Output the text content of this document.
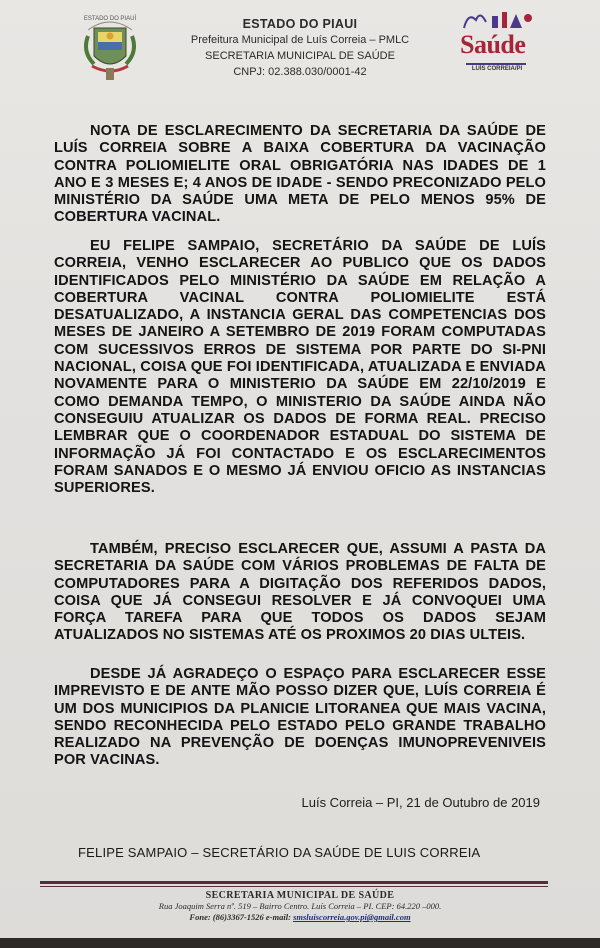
ESTADO DO PIAUÍ	ESTADO DO PIAUI
Prefeitura Municipal de Luís Correia – PMLC
SECRETARIA MUNICIPAL DE SAÚDE
CNPJ: 02.388.030/0001-42
Saúde
LUÍS CORREIA/PI
NOTA DE ESCLARECIMENTO DA SECRETARIA DA SAÚDE DE LUÍS CORREIA SOBRE A BAIXA COBERTURA DA VACINAÇÃO CONTRA POLIOMIELITE ORAL OBRIGATÓRIA NAS IDADES DE 1 ANO E 3 MESES E; 4 ANOS DE IDADE - SENDO PRECONIZADO PELO MINISTÉRIO DA SAÚDE UMA META DE PELO MENOS 95% DE COBERTURA VACINAL.
EU FELIPE SAMPAIO, SECRETÁRIO DA SAÚDE DE LUÍS CORREIA, VENHO ESCLARECER AO PUBLICO QUE OS DADOS IDENTIFICADOS PELO MINISTÉRIO DA SAÚDE EM RELAÇÃO A COBERTURA VACINAL CONTRA POLIOMIELITE ESTÁ DESATUALIZADO, A INSTANCIA GERAL DAS COMPETENCIAS DOS MESES DE JANEIRO A SETEMBRO DE 2019 FORAM COMPUTADAS COM SUCESSIVOS ERROS DE SISTEMA POR PARTE DO SI-PNI NACIONAL, COISA QUE FOI IDENTIFICADA, ATUALIZADA E ENVIADA NOVAMENTE PARA O MINISTERIO DA SAÚDE EM 22/10/2019 E COMO DEMANDA TEMPO, O MINISTERIO DA SAÚDE AINDA NÃO CONSEGUIU ATUALIZAR OS DADOS DE FORMA REAL. PRECISO LEMBRAR QUE O COORDENADOR ESTADUAL DO SISTEMA DE INFORMAÇÃO JÁ FOI CONTACTADO E OS ESCLARECIMENTOS FORAM SANADOS E O MESMO JÁ ENVIOU OFICIO AS INSTANCIAS SUPERIORES.
TAMBÉM, PRECISO ESCLARECER QUE, ASSUMI A PASTA DA SECRETARIA DA SAÚDE COM VÁRIOS PROBLEMAS DE FALTA DE COMPUTADORES PARA A DIGITAÇÃO DOS REFERIDOS DADOS, COISA QUE JÁ CONSEGUI RESOLVER E JÁ CONVOQUEI UMA FORÇA TAREFA PARA QUE TODOS OS DADOS SEJAM ATUALIZADOS NO SISTEMAS ATÉ OS PROXIMOS 20 DIAS ULTEIS.
DESDE JÁ AGRADEÇO O ESPAÇO PARA ESCLARECER ESSE IMPREVISTO E DE ANTE MÃO POSSO DIZER QUE, LUÍS CORREIA É UM DOS MUNICIPIOS DA PLANICIE LITORANEA QUE MAIS VACINA, SENDO RECONHECIDA PELO ESTADO PELO GRANDE TRABALHO REALIZADO NA PREVENÇÃO DE DOENÇAS IMUNOPREVENIVEIS POR VACINAS.
Luís Correia – PI, 21 de Outubro de 2019
FELIPE SAMPAIO – SECRETÁRIO DA SAÚDE DE LUIS CORREIA
SECRETARIA MUNICIPAL DE SAÚDE
Rua Joaquim Serra nº. 519 – Bairro Centro. Luís Correia – PI. CEP: 64.220 –000.
Fone: (86)3367-1526 e-mail: smsluiscorreia.gov.pi@gmail.com
